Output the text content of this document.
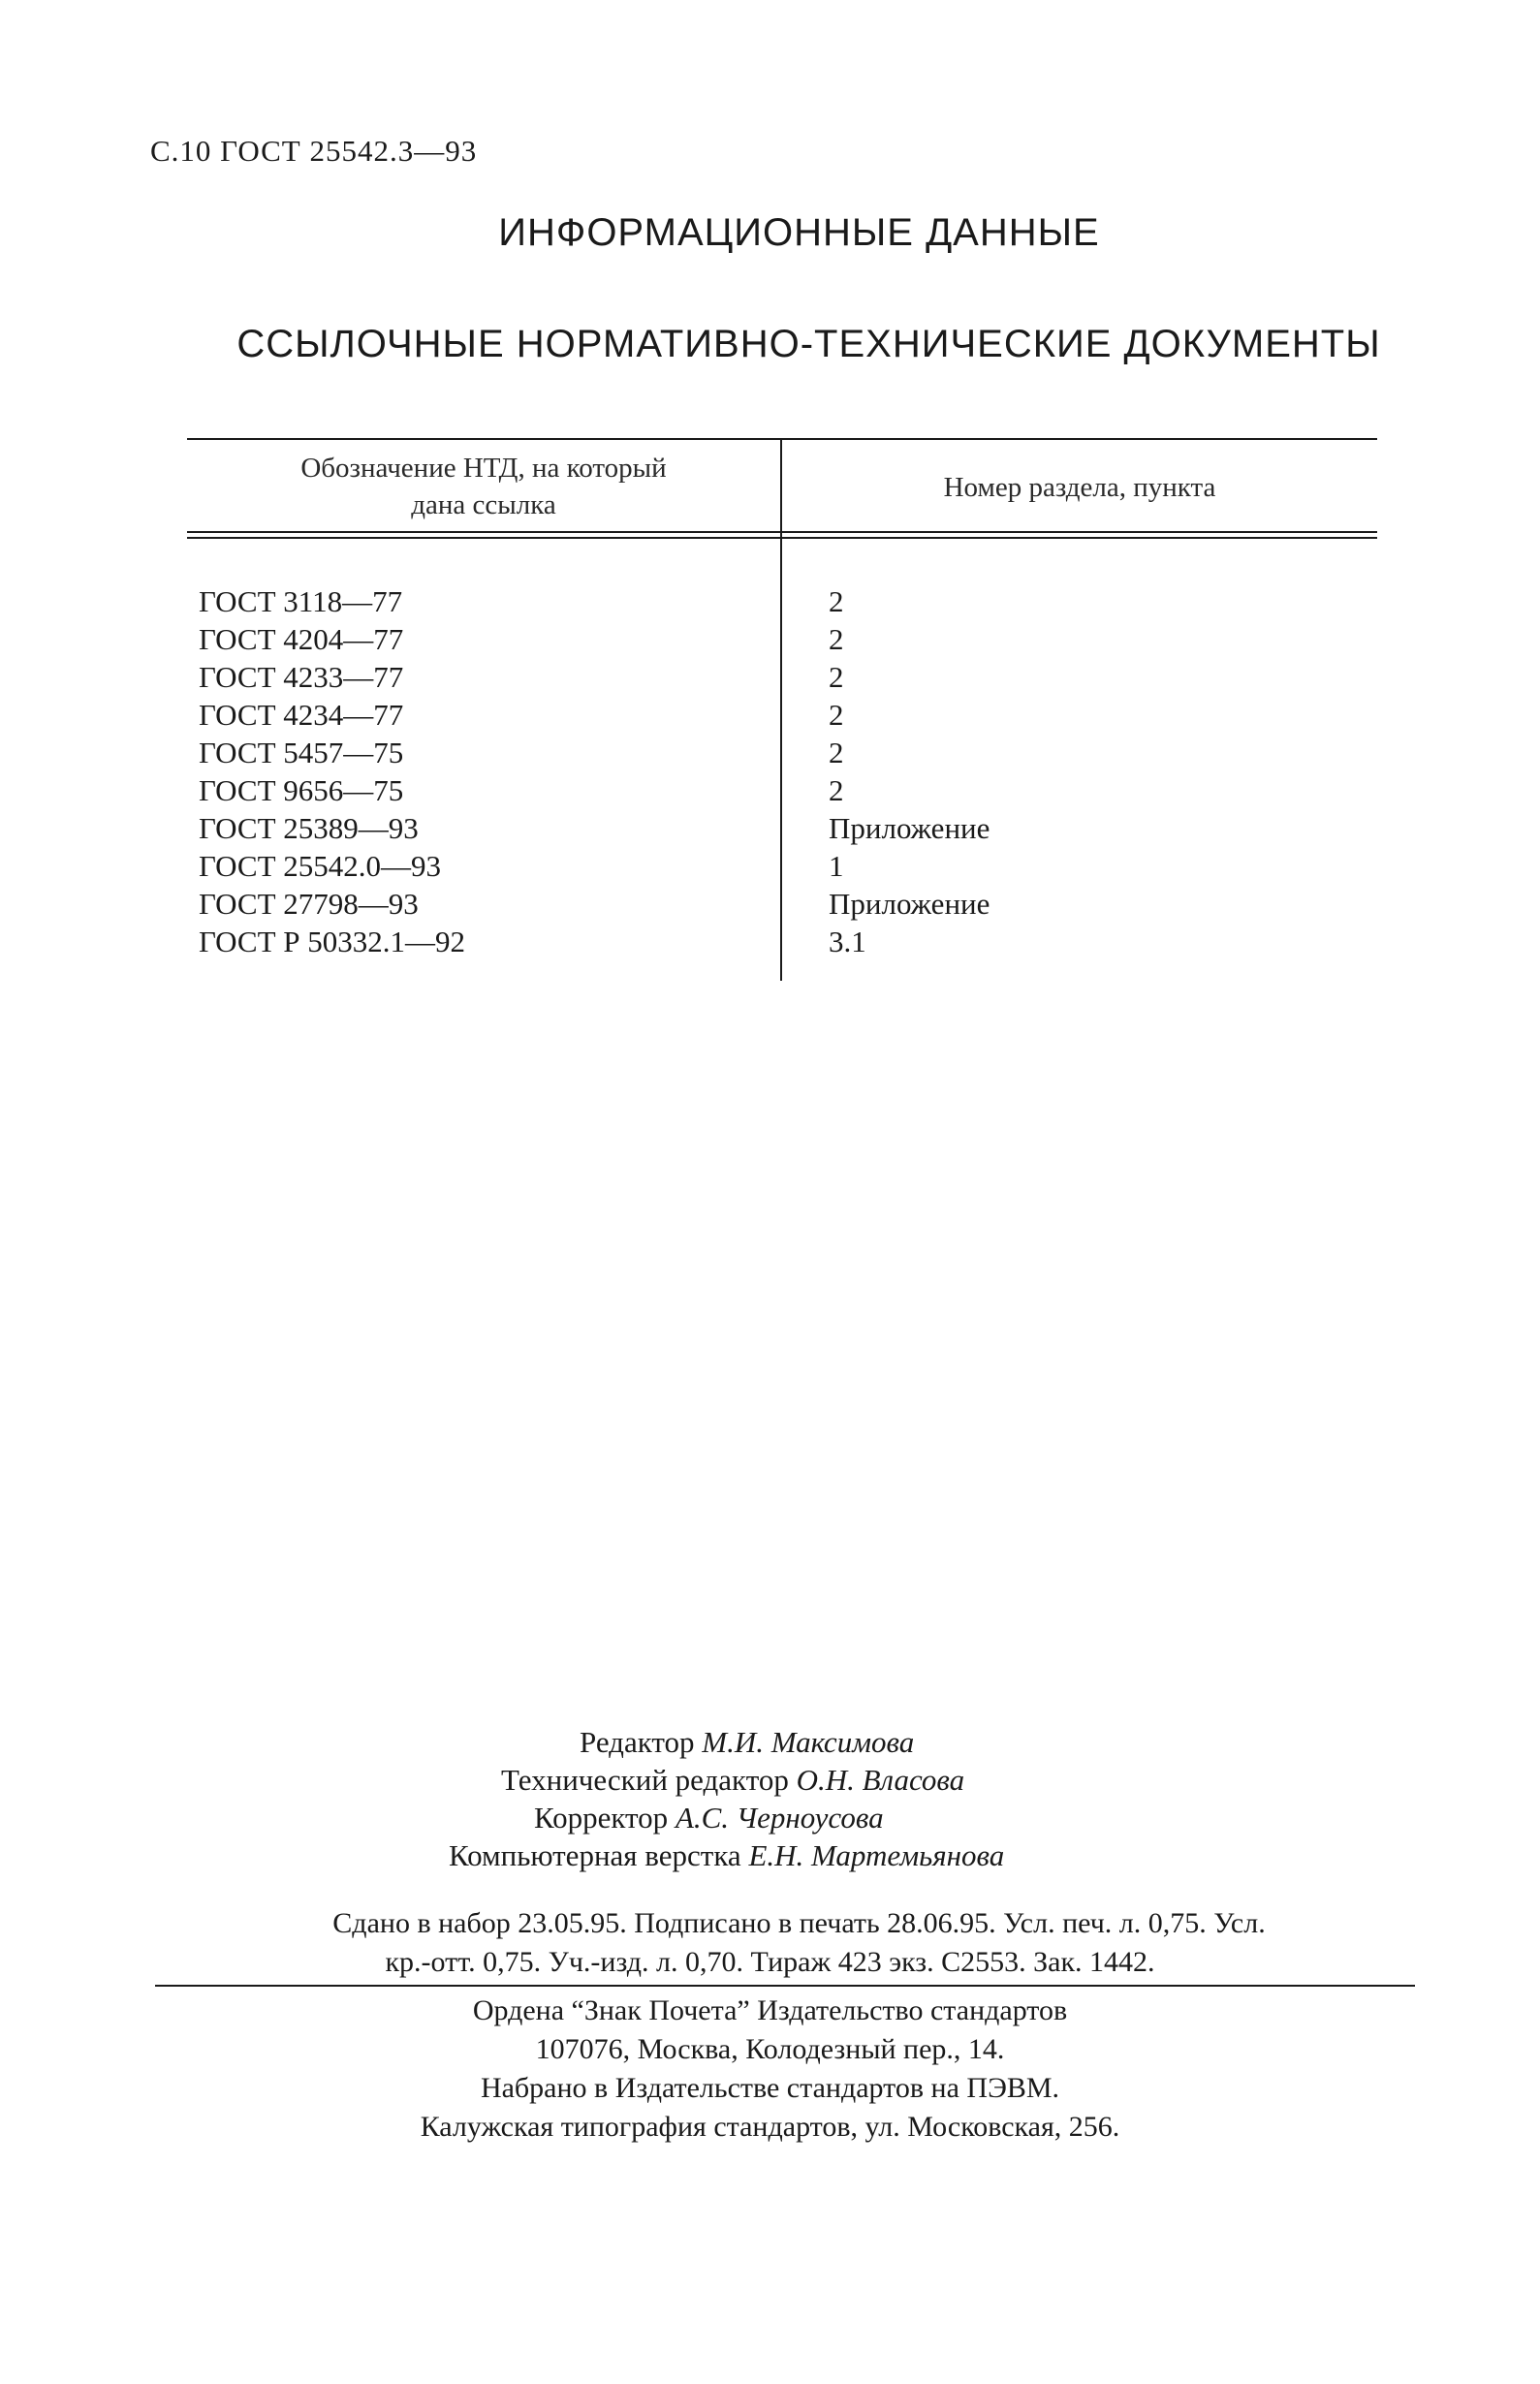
С.10 ГОСТ 25542.3—93
ИНФОРМАЦИОННЫЕ ДАННЫЕ
ССЫЛОЧНЫЕ НОРМАТИВНО-ТЕХНИЧЕСКИЕ ДОКУМЕНТЫ
Обозначение НТД, на который
дана ссылка
Номер раздела, пункта
ГОСТ 3118—77
ГОСТ 4204—77
ГОСТ 4233—77
ГОСТ 4234—77
ГОСТ 5457—75
ГОСТ 9656—75
ГОСТ 25389—93
ГОСТ 25542.0—93
ГОСТ 27798—93
ГОСТ Р 50332.1—92
2
2
2
2
2
2
Приложение
1
Приложение
3.1
Редактор М.И. Максимова
Технический редактор О.Н. Власова
Корректор А.С. Черноусова
Компьютерная верстка Е.Н. Мартемьянова
Сдано в набор 23.05.95. Подписано в печать 28.06.95. Усл. печ. л. 0,75. Усл.
кр.-отт. 0,75. Уч.-изд. л. 0,70. Тираж 423 экз. С2553. Зак. 1442.
Ордена “Знак Почета” Издательство стандартов
107076, Москва, Колодезный пер., 14.
Набрано в Издательстве стандартов на ПЭВМ.
Калужская типография стандартов, ул. Московская, 256.
